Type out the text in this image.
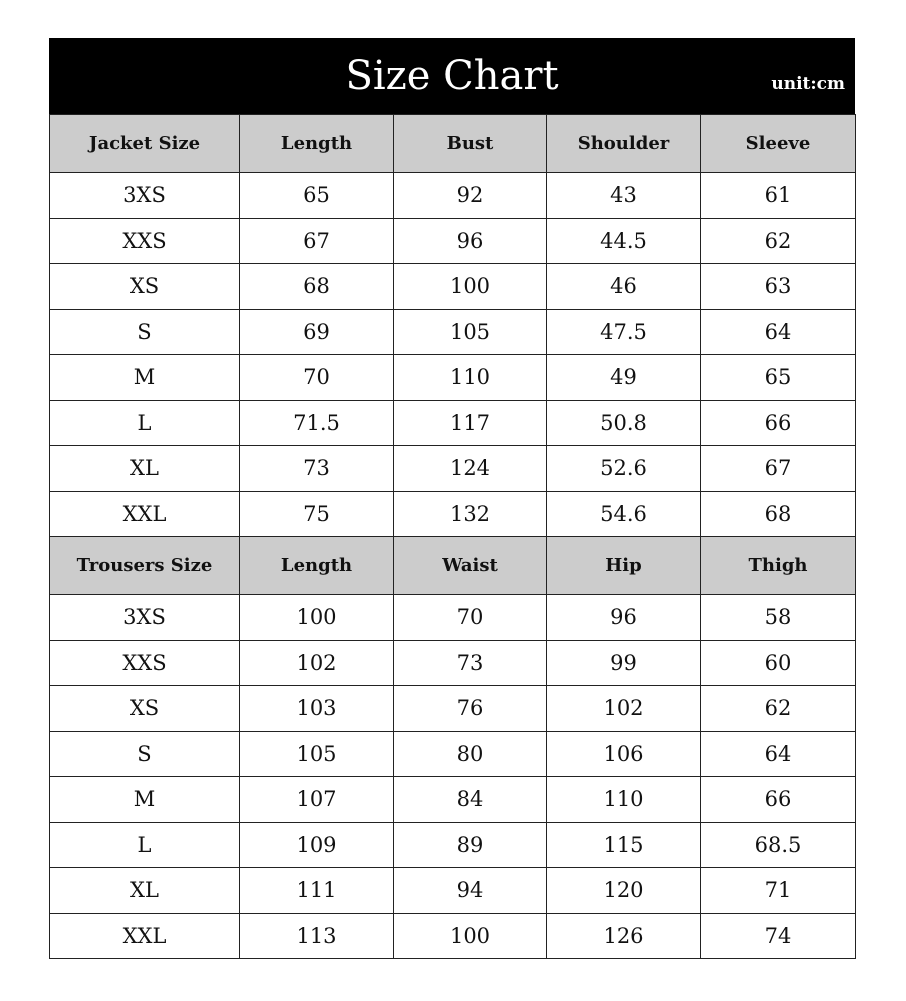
Size Chart	unit:cm
Jacket Size	Length	Bust	Shoulder	Sleeve
3XS	65	92	43	61
XXS	67	96	44.5	62
XS	68	100	46	63
S	69	105	47.5	64
M	70	110	49	65
L	71.5	117	50.8	66
XL	73	124	52.6	67
XXL	75	132	54.6	68
Trousers Size	Length	Waist	Hip	Thigh
3XS	100	70	96	58
XXS	102	73	99	60
XS	103	76	102	62
S	105	80	106	64
M	107	84	110	66
L	109	89	115	68.5
XL	111	94	120	71
XXL	113	100	126	74
